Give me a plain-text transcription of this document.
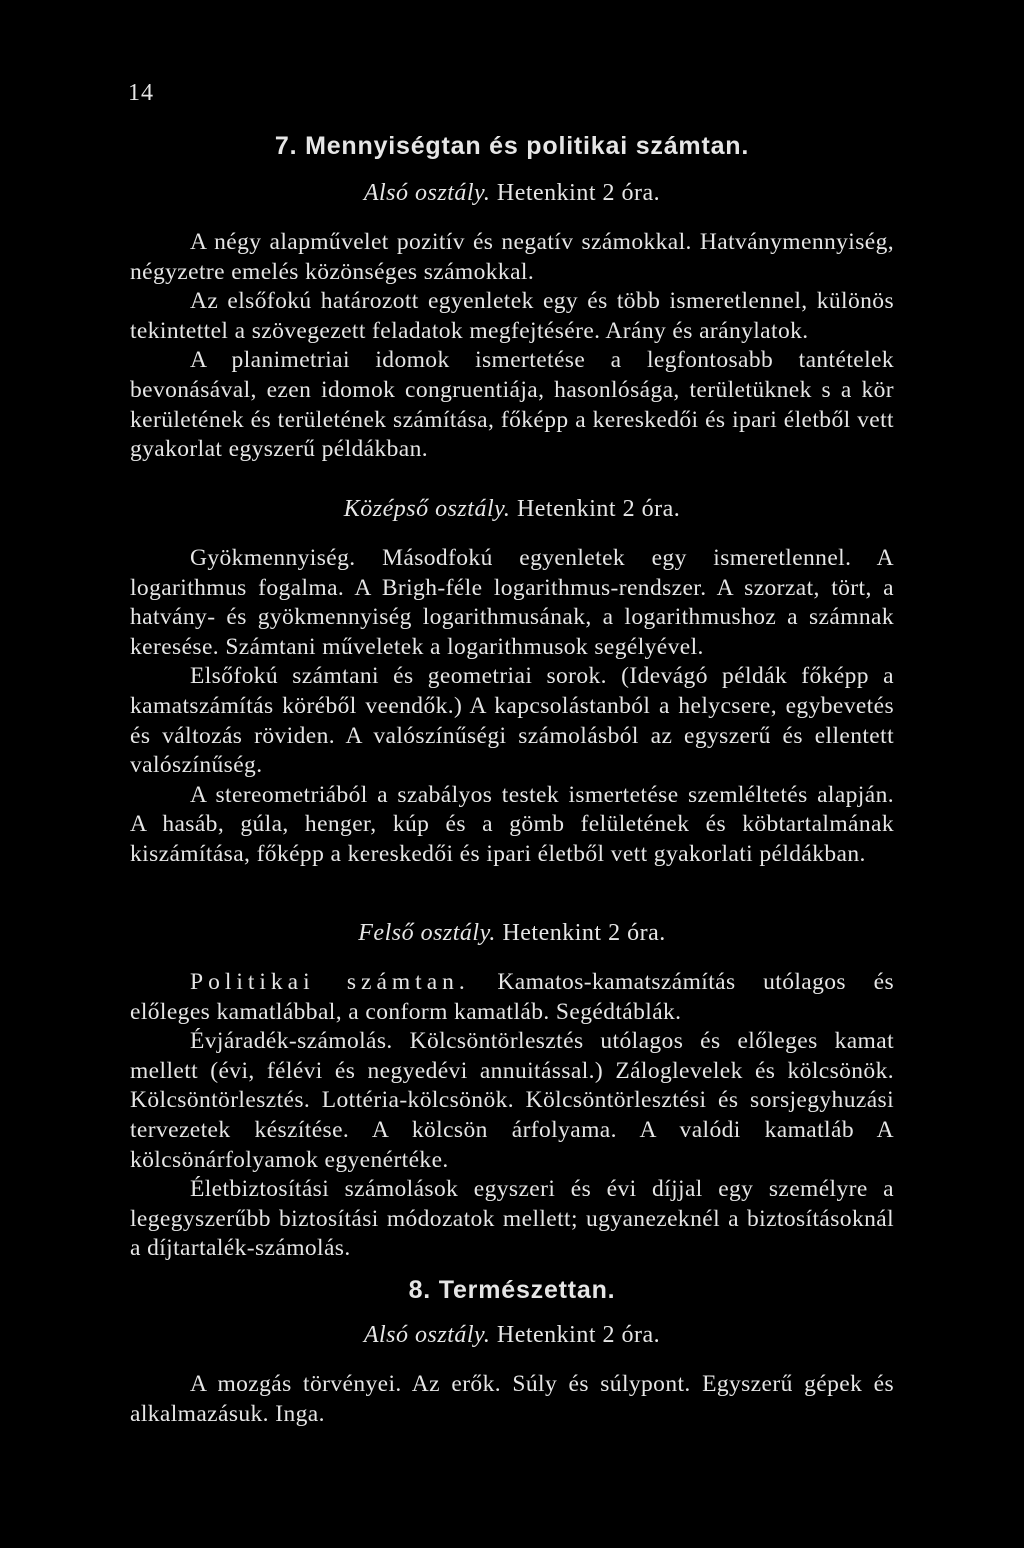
14
7. Mennyiségtan és politikai számtan.
Alsó osztály. Hetenkint 2 óra.

A négy alapművelet pozitív és negatív számokkal. Hatványmennyiség, négyzetre emelés közönséges számokkal.

Az elsőfokú határozott egyenletek egy és több ismeretlennel, különös tekintettel a szövegezett feladatok megfejtésére. Arány és aránylatok.

A planimetriai idomok ismertetése a legfontosabb tantételek bevonásával, ezen idomok congruentiája, hasonlósága, területüknek s a kör kerületének és területének számítása, főképp a kereskedői és ipari életből vett gyakorlat egyszerű példákban.

Középső osztály. Hetenkint 2 óra.

Gyökmennyiség. Másodfokú egyenletek egy ismeretlennel. A logarithmus fogalma. A Brigh-féle logarithmus-rendszer. A szorzat, tört, a hatvány- és gyökmennyiség logarithmusának, a logarithmushoz a számnak keresése. Számtani műveletek a logarithmusok segélyével.

Elsőfokú számtani és geometriai sorok. (Idevágó példák főképp a kamatszámítás köréből veendők.) A kapcsolástanból a helycsere, egybevetés és változás röviden. A valószínűségi számolásból az egyszerű és ellentett valószínűség.

A stereometriából a szabályos testek ismertetése szemléltetés alapján. A hasáb, gúla, henger, kúp és a gömb felületének és köbtartalmának kiszámítása, főképp a kereskedői és ipari életből vett gyakorlati példákban.

Felső osztály. Hetenkint 2 óra.

Politikai számtan. Kamatos-kamatszámítás utólagos és előleges kamatlábbal, a conform kamatláb. Segédtáblák.

Évjáradék-számolás. Kölcsöntörlesztés utólagos és előleges kamat mellett (évi, félévi és negyedévi annuitással.) Záloglevelek és kölcsönök. Kölcsöntörlesztés. Lottéria-kölcsönök. Kölcsöntörlesztési és sorsjegyhuzási tervezetek készítése. A kölcsön árfolyama. A valódi kamatláb A kölcsönárfolyamok egyenértéke.

Életbiztosítási számolások egyszeri és évi díjjal egy személyre a legegyszerűbb biztosítási módozatok mellett; ugyanezeknél a biztosításoknál a díjtartalék-számolás.

8. Természettan.
Alsó osztály. Hetenkint 2 óra.

A mozgás törvényei. Az erők. Súly és súlypont. Egyszerű gépek és alkalmazásuk. Inga.
